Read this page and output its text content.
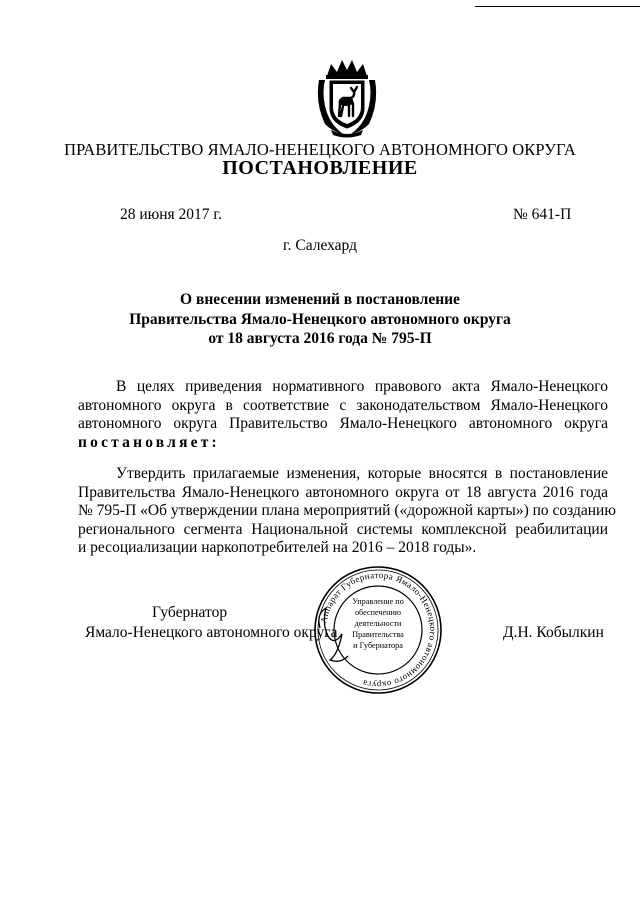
ПРАВИТЕЛЬСТВО ЯМАЛО-НЕНЕЦКОГО АВТОНОМНОГО ОКРУГА
ПОСТАНОВЛЕНИЕ
28 июня 2017 г.	№ 641-П
г. Салехард
О внесении изменений в постановление
Правительства Ямало-Ненецкого автономного округа
от 18 августа 2016 года № 795-П
В целях приведения нормативного правового акта Ямало-Ненецкого
автономного округа в соответствие с законодательством Ямало-Ненецкого
автономного округа Правительство Ямало-Ненецкого автономного округа
постановляет:
Утвердить прилагаемые изменения, которые вносятся в постановление
Правительства Ямало-Ненецкого автономного округа от 18 августа 2016 года
№ 795-П «Об утверждении плана мероприятий («дорожной карты») по созданию
регионального сегмента Национальной системы комплексной реабилитации
и ресоциализации наркопотребителей на 2016 – 2018 годы».
Губернатор
Ямало-Ненецкого автономного округа	Д.Н. Кобылкин
Аппарат Губернатора Ямало-Ненецкого автономного округа
Управление по
обеспечению
деятельности
Правительства
и Губернатора
